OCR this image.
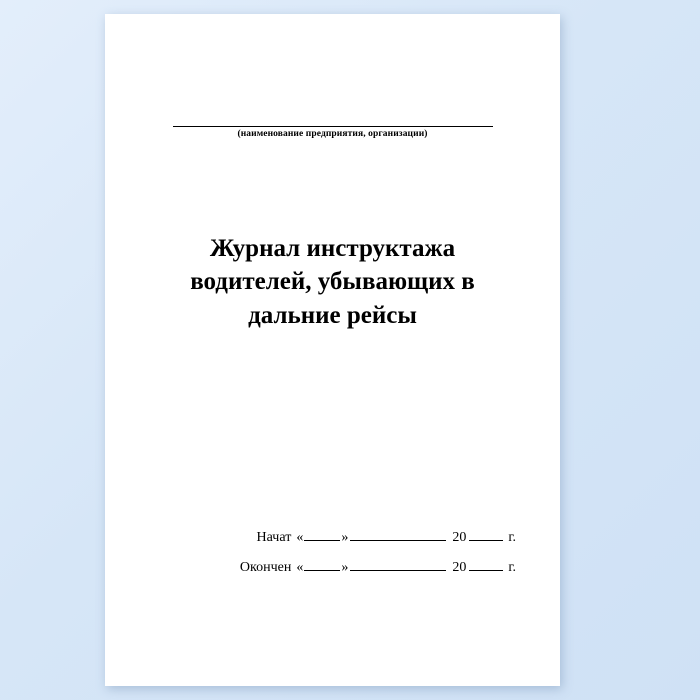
(наименование предприятия, организации)
Журнал инструктажа водителей, убывающих в дальние рейсы
Начат «	»	20	г.
Окончен «	»	20	г.
